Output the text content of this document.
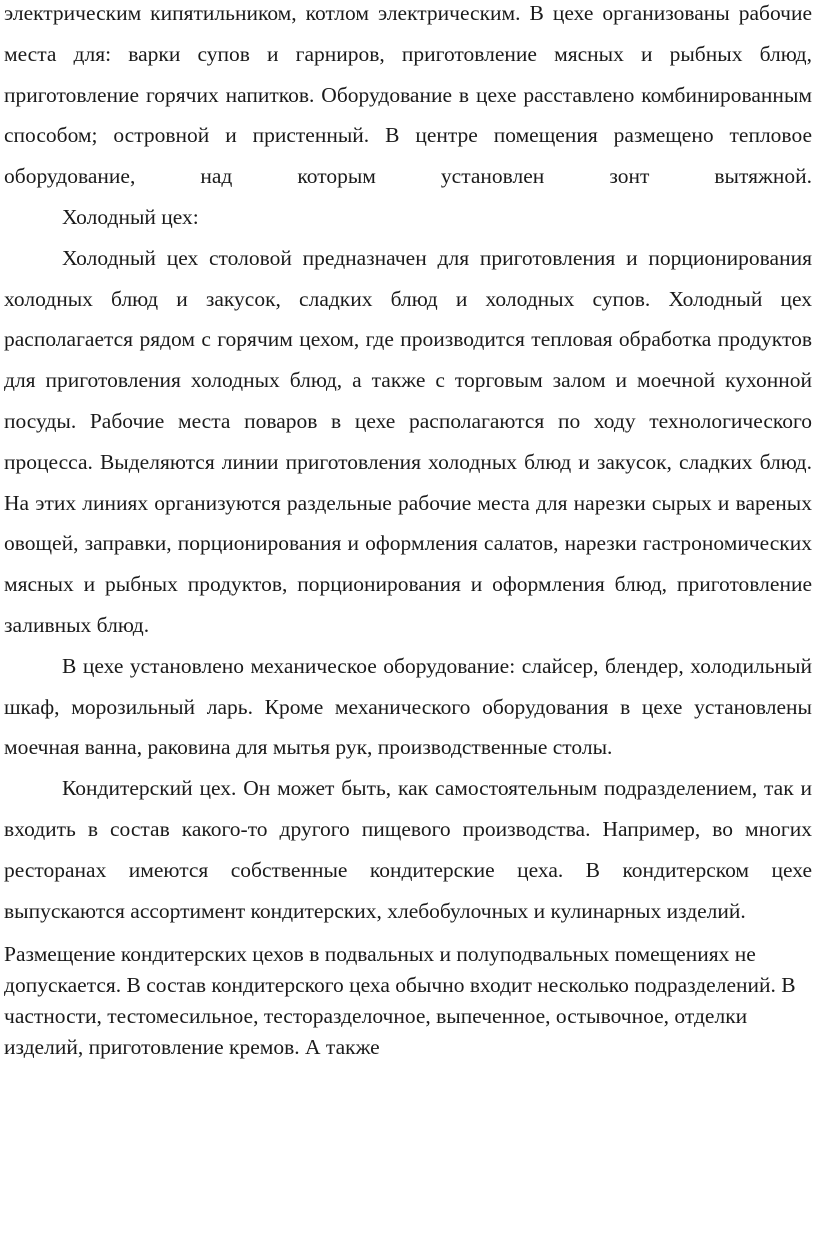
электрическим кипятильником, котлом электрическим. В цехе организованы рабочие места для: варки супов и гарниров, приготовление мясных и рыбных блюд, приготовление горячих напитков. Оборудование в цехе расставлено комбинированным способом; островной и пристенный. В центре помещения размещено тепловое оборудование, над которым установлен зонт вытяжной.

Холодный цех:

Холодный цех столовой предназначен для приготовления и порционирования холодных блюд и закусок, сладких блюд и холодных супов. Холодный цех располагается рядом с горячим цехом, где производится тепловая обработка продуктов для приготовления холодных блюд, а также с торговым залом и моечной кухонной посуды. Рабочие места поваров в цехе располагаются по ходу технологического процесса. Выделяются линии приготовления холодных блюд и закусок, сладких блюд. На этих линиях организуются раздельные рабочие места для нарезки сырых и вареных овощей, заправки, порционирования и оформления салатов, нарезки гастрономических мясных и рыбных продуктов, порционирования и оформления блюд, приготовление заливных блюд.

В цехе установлено механическое оборудование: слайсер, блендер, холодильный шкаф, морозильный ларь. Кроме механического оборудования в цехе установлены моечная ванна, раковина для мытья рук, производственные столы.

Кондитерский цех. Он может быть, как самостоятельным подразделением, так и входить в состав какого-то другого пищевого производства. Например, во многих ресторанах имеются собственные кондитерские цеха. В кондитерском цехе выпускаются ассортимент кондитерских, хлебобулочных и кулинарных изделий.

Размещение кондитерских цехов в подвальных и полуподвальных помещениях не допускается. В состав кондитерского цеха обычно входит несколько подразделений. В частности, тестомесильное, тесторазделочное, выпеченное, остывочное, отделки изделий, приготовление кремов. А также
